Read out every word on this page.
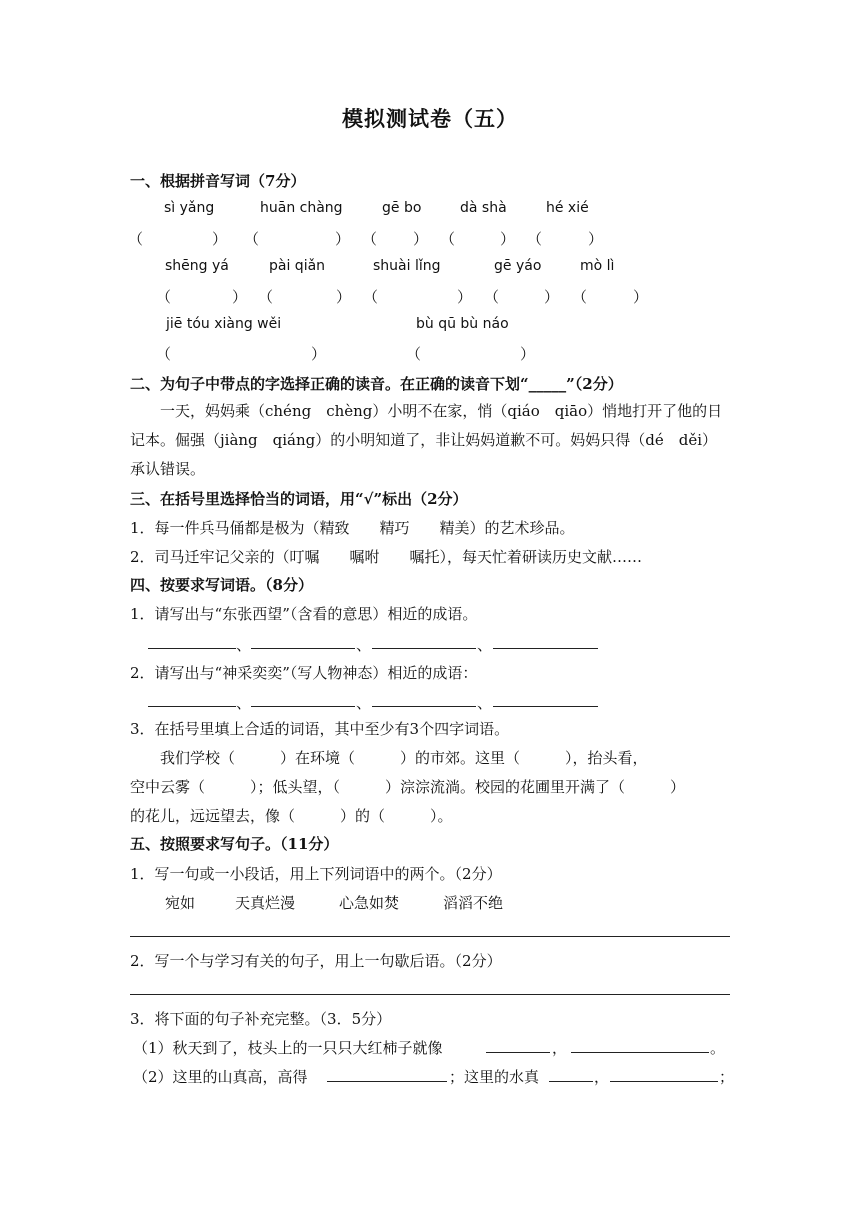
模拟测试卷（五）
一、根据拼音写词（7分）
sì yǎng	huān chàng	gē bo	dà shà	hé xié
（	） （	） （ ） （	） （	）
shēng yá	pài qiǎn	shuài lǐng	gē yáo	mò lì
（	） （	） （	） （	） （	）
jiē tóu xiàng wěi	bù qū bù náo
（	）	（	）
二、为句子中带点的字选择正确的读音。在正确的读音下划“_____”（2分）
一天，妈妈乘（chéng　chèng）小明不在家，悄（qiáo　qiāo）悄地打开了他的日记本。倔强（jiàng　qiáng）的小明知道了，非让妈妈道歉不可。妈妈只得（dé　děi）承认错误。
三、在括号里选择恰当的词语，用“√”标出（2分）
1．每一件兵马俑都是极为（精致　　精巧　　精美）的艺术珍品。
2．司马迁牢记父亲的（叮嘱　　嘱咐　　嘱托），每天忙着研读历史文献……
四、按要求写词语。（8分）
1．请写出与“东张西望”（含看的意思）相近的成语。
、	、	、
2．请写出与“神采奕奕”（写人物神态）相近的成语：
、	、	、
3．在括号里填上合适的词语，其中至少有3个四字词语。
我们学校（　　　）在环境（　　　）的市郊。这里（　　　），抬头看，
空中云雾（　　　）；低头望，（　　　）淙淙流淌。校园的花圃里开满了（　　　）
的花儿，远远望去，像（　　　）的（　　　）。
五、按照要求写句子。（11分）
1．写一句或一小段话，用上下列词语中的两个。（2分）
宛如	天真烂漫	心急如焚	滔滔不绝
2．写一个与学习有关的句子，用上一句歇后语。（2分）
3．将下面的句子补充完整。（3．5分）
（1）秋天到了，枝头上的一只只大红柿子就像	，	。
（2）这里的山真高，高得	；这里的水真	，	；
